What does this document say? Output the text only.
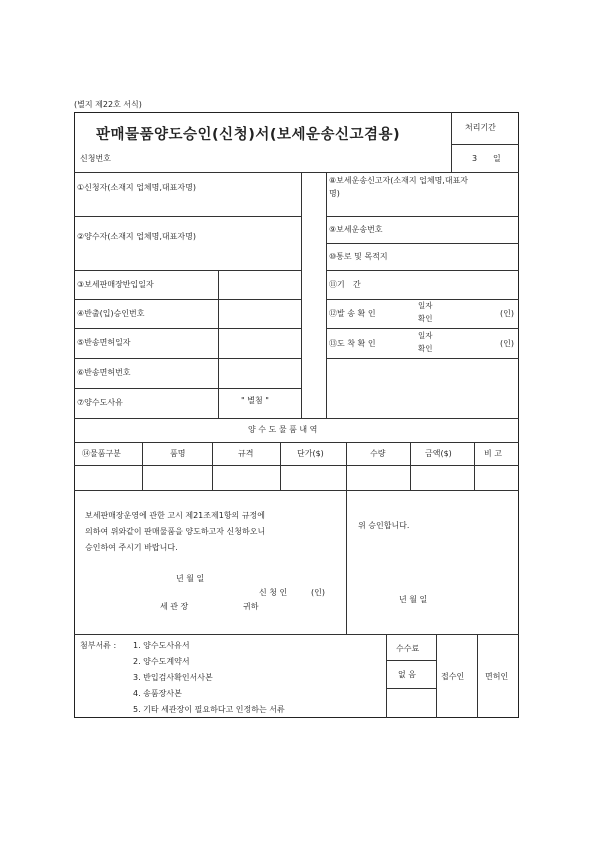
(별지 제22호 서식)
판매물품양도승인(신청)서(보세운송신고겸용)
신청번호
처리기간
3 일
①신청자(소재지 업체명,대표자명)
②양수자(소재지 업체명,대표자명)
③보세판매장반입일자
④반출(입)승인번호
⑤반송면허일자
⑥반송면허번호
⑦양수도사유	" 별첨 "
⑧보세운송신고자(소재지 업체명,대표자
명)
⑨보세운송번호
⑩통로 및 목적지
⑪기 간
⑫발 송 확 인
일자
확인
(인)
⑬도 착 확 인
일자
확인
(인)
양 수 도 물 품 내 역
⑭물품구분	품명	규격	단가($)	수량	금액($)	비 고
보세판매장운영에 관한 고시 제21조제1항의 규정에
의하여 위와같이 판매물품을 양도하고자 신청하오니
승인하여 주시기 바랍니다.
년 월 일
신 청 인	(인)
세 관 장	귀하
위 승인합니다.
년 월 일
첨부서류 : 1. 양수도사유서
2. 양수도계약서
3. 반입검사확인서사본
4. 송품장사본
5. 기타 세관장이 필요하다고 인정하는 서류
수수료
없 음	접수인	면허인
